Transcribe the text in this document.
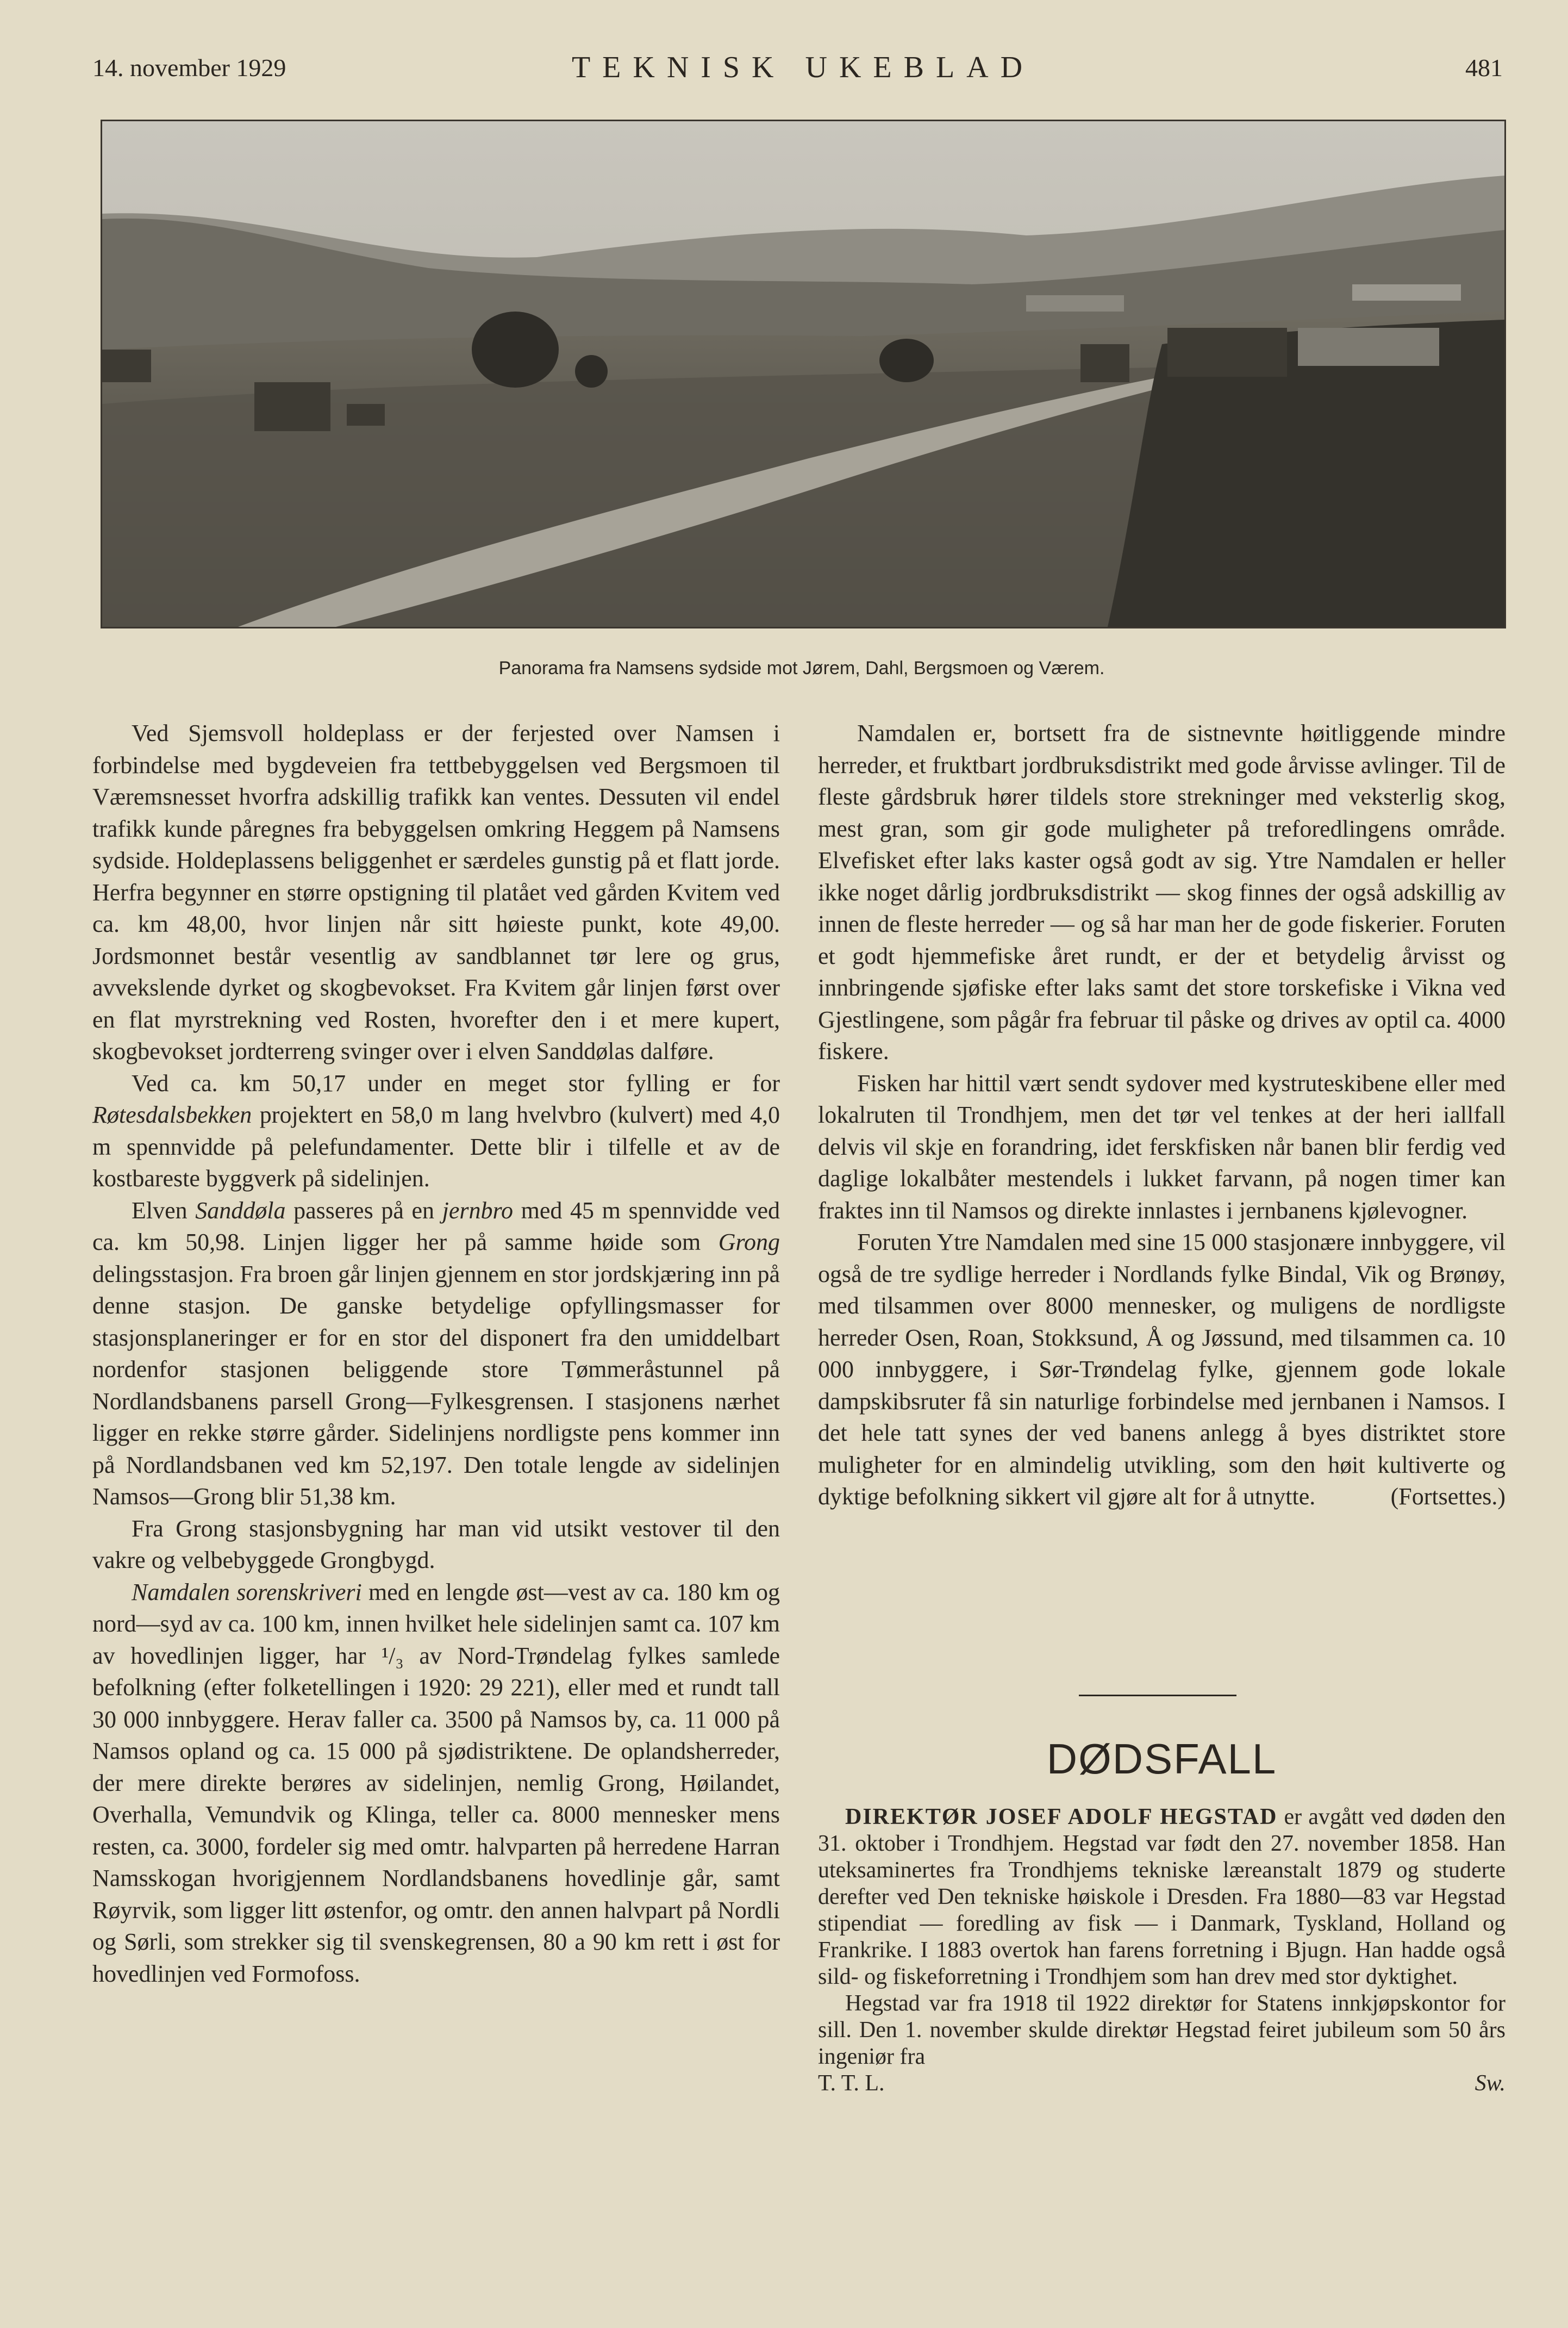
14. november 1929	TEKNISK UKEBLAD	481
Panorama fra Namsens sydside mot Jørem, Dahl, Bergsmoen og Værem.

Ved Sjemsvoll holdeplass er der ferjested over Namsen i forbindelse med bygdeveien fra tettbebyggelsen ved Bergsmoen til Væremsnesset hvorfra adskillig trafikk kan ventes. Dessuten vil endel trafikk kunde påregnes fra bebyggelsen omkring Heggem på Namsens sydside. Holdeplassens beliggenhet er særdeles gunstig på et flatt jorde. Herfra begynner en større opstigning til platået ved gården Kvitem ved ca. km 48,00, hvor linjen når sitt høieste punkt, kote 49,00. Jordsmonnet består vesentlig av sandblannet tør lere og grus, avvekslende dyrket og skogbevokset. Fra Kvitem går linjen først over en flat myrstrekning ved Rosten, hvorefter den i et mere kupert, skogbevokset jordterreng svinger over i elven Sanddølas dalføre.

Ved ca. km 50,17 under en meget stor fylling er for Røtesdalsbekken projektert en 58,0 m lang hvelvbro (kulvert) med 4,0 m spennvidde på pelefundamenter. Dette blir i tilfelle et av de kostbareste byggverk på sidelinjen.

Elven Sanddøla passeres på en jernbro med 45 m spennvidde ved ca. km 50,98. Linjen ligger her på samme høide som Grong delingsstasjon. Fra broen går linjen gjennem en stor jordskjæring inn på denne stasjon. De ganske betydelige opfyllingsmasser for stasjonsplaneringer er for en stor del disponert fra den umiddelbart nordenfor stasjonen beliggende store Tømmeråstunnel på Nordlandsbanens parsell Grong—Fylkesgrensen. I stasjonens nærhet ligger en rekke større gårder. Sidelinjens nordligste pens kommer inn på Nordlandsbanen ved km 52,197. Den totale lengde av sidelinjen Namsos—Grong blir 51,38 km.

Fra Grong stasjonsbygning har man vid utsikt vestover til den vakre og velbebyggede Grongbygd.

Namdalen sorenskriveri med en lengde øst—vest av ca. 180 km og nord—syd av ca. 100 km, innen hvilket hele sidelinjen samt ca. 107 km av hovedlinjen ligger, har ¹/₃ av Nord-Trøndelag fylkes samlede befolkning (efter folketellingen i 1920: 29 221), eller med et rundt tall 30 000 innbyggere. Herav faller ca. 3500 på Namsos by, ca. 11 000 på Namsos opland og ca. 15 000 på sjødistriktene. De oplandsherreder, der mere direkte berøres av sidelinjen, nemlig Grong, Høilandet, Overhalla, Vemundvik og Klinga, teller ca. 8000 mennesker mens resten, ca. 3000, fordeler sig med omtr. halvparten på herredene Harran Namsskogan hvorigjennem Nordlandsbanens hovedlinje går, samt Røyrvik, som ligger litt østenfor, og omtr. den annen halvpart på Nordli og Sørli, som strekker sig til svenskegrensen, 80 a 90 km rett i øst for hovedlinjen ved Formofoss.

Namdalen er, bortsett fra de sistnevnte høitliggende mindre herreder, et fruktbart jordbruksdistrikt med gode årvisse avlinger. Til de fleste gårdsbruk hører tildels store strekninger med veksterlig skog, mest gran, som gir gode muligheter på treforedlingens område. Elvefisket efter laks kaster også godt av sig. Ytre Namdalen er heller ikke noget dårlig jordbruksdistrikt — skog finnes der også adskillig av innen de fleste herreder — og så har man her de gode fiskerier. Foruten et godt hjemmefiske året rundt, er der et betydelig årvisst og innbringende sjøfiske efter laks samt det store torskefiske i Vikna ved Gjestlingene, som pågår fra februar til påske og drives av optil ca. 4000 fiskere.

Fisken har hittil vært sendt sydover med kystruteskibene eller med lokalruten til Trondhjem, men det tør vel tenkes at der heri iallfall delvis vil skje en forandring, idet ferskfisken når banen blir ferdig ved daglige lokalbåter mestendels i lukket farvann, på nogen timer kan fraktes inn til Namsos og direkte innlastes i jernbanens kjølevogner.

Foruten Ytre Namdalen med sine 15 000 stasjonære innbyggere, vil også de tre sydlige herreder i Nordlands fylke Bindal, Vik og Brønøy, med tilsammen over 8000 mennesker, og muligens de nordligste herreder Osen, Roan, Stokksund, Å og Jøssund, med tilsammen ca. 10 000 innbyggere, i Sør-Trøndelag fylke, gjennem gode lokale dampskibsruter få sin naturlige forbindelse med jernbanen i Namsos. I det hele tatt synes der ved banens anlegg å byes distriktet store muligheter for en almindelig utvikling, som den høit kultiverte og dyktige befolkning sikkert vil gjøre alt for å utnytte.	(Fortsettes.)

DØDSFALL

DIREKTØR JOSEF ADOLF HEGSTAD er avgått ved døden den 31. oktober i Trondhjem. Hegstad var født den 27. november 1858. Han uteksaminertes fra Trondhjems tekniske læreanstalt 1879 og studerte derefter ved Den tekniske høiskole i Dresden. Fra 1880—83 var Hegstad stipendiat — foredling av fisk — i Danmark, Tyskland, Holland og Frankrike. I 1883 overtok han farens forretning i Bjugn. Han hadde også sild- og fiskeforretning i Trondhjem som han drev med stor dyktighet.

Hegstad var fra 1918 til 1922 direktør for Statens innkjøpskontor for sill. Den 1. november skulde direktør Hegstad feiret jubileum som 50 års ingeniør fra

T. T. L.	Sw.
